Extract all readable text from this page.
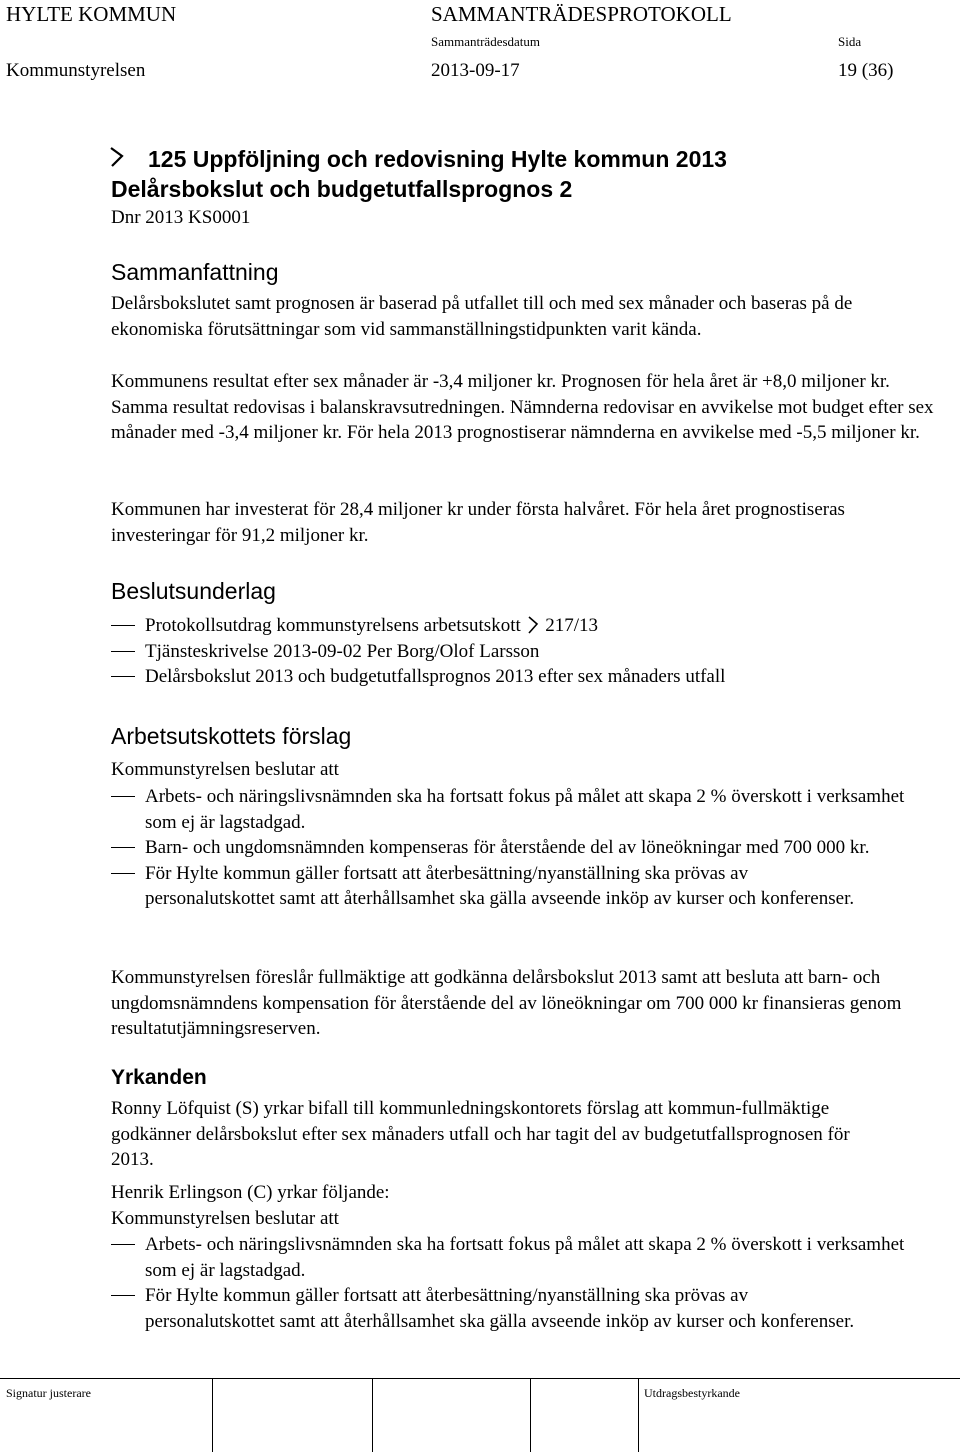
HYLTE KOMMUN	SAMMANTRÄDESPROTOKOLL
Sammanträdesdatum	Sida
Kommunstyrelsen	2013-09-17	19 (36)
125 Uppföljning och redovisning Hylte kommun 2013
Delårsbokslut och budgetutfallsprognos 2
Dnr 2013 KS0001
Sammanfattning

Delårsbokslutet samt prognosen är baserad på utfallet till och med sex månader och baseras på de ekonomiska förutsättningar som vid sammanställningstidpunkten varit kända.

Kommunens resultat efter sex månader är -3,4 miljoner kr. Prognosen för hela året är +8,0 miljoner kr. Samma resultat redovisas i balanskravsutredningen. Nämnderna redovisar en avvikelse mot budget efter sex månader med -3,4 miljoner kr. För hela 2013 prognostiserar nämnderna en avvikelse med -5,5 miljoner kr.

Kommunen har investerat för 28,4 miljoner kr under första halvåret. För hela året prognostiseras investeringar för 91,2 miljoner kr.

Beslutsunderlag
Protokollsutdrag kommunstyrelsens arbetsutskott 217/13
Tjänsteskrivelse 2013-09-02 Per Borg/Olof Larsson
Delårsbokslut 2013 och budgetutfallsprognos 2013 efter sex månaders utfall
Arbetsutskottets förslag

Kommunstyrelsen beslutar att

Arbets- och näringslivsnämnden ska ha fortsatt fokus på målet att skapa 2 % överskott i verksamhet som ej är lagstadgad.
Barn- och ungdomsnämnden kompenseras för återstående del av löneökningar med 700 000 kr.
För Hylte kommun gäller fortsatt att återbesättning/nyanställning ska prövas av personalutskottet samt att återhållsamhet ska gälla avseende inköp av kurser och konferenser.

Kommunstyrelsen föreslår fullmäktige att godkänna delårsbokslut 2013 samt att besluta att barn- och ungdomsnämndens kompensation för återstående del av löneökningar om 700 000 kr finansieras genom resultatutjämningsreserven.

Yrkanden

Ronny Löfquist (S) yrkar bifall till kommunledningskontorets förslag att kommun-fullmäktige godkänner delårsbokslut efter sex månaders utfall och har tagit del av budgetutfallsprognosen för 2013.

Henrik Erlingson (C) yrkar följande:

Kommunstyrelsen beslutar att

Arbets- och näringslivsnämnden ska ha fortsatt fokus på målet att skapa 2 % överskott i verksamhet som ej är lagstadgad.
För Hylte kommun gäller fortsatt att återbesättning/nyanställning ska prövas av personalutskottet samt att återhållsamhet ska gälla avseende inköp av kurser och konferenser.
Signatur justerare	Utdragsbestyrkande
